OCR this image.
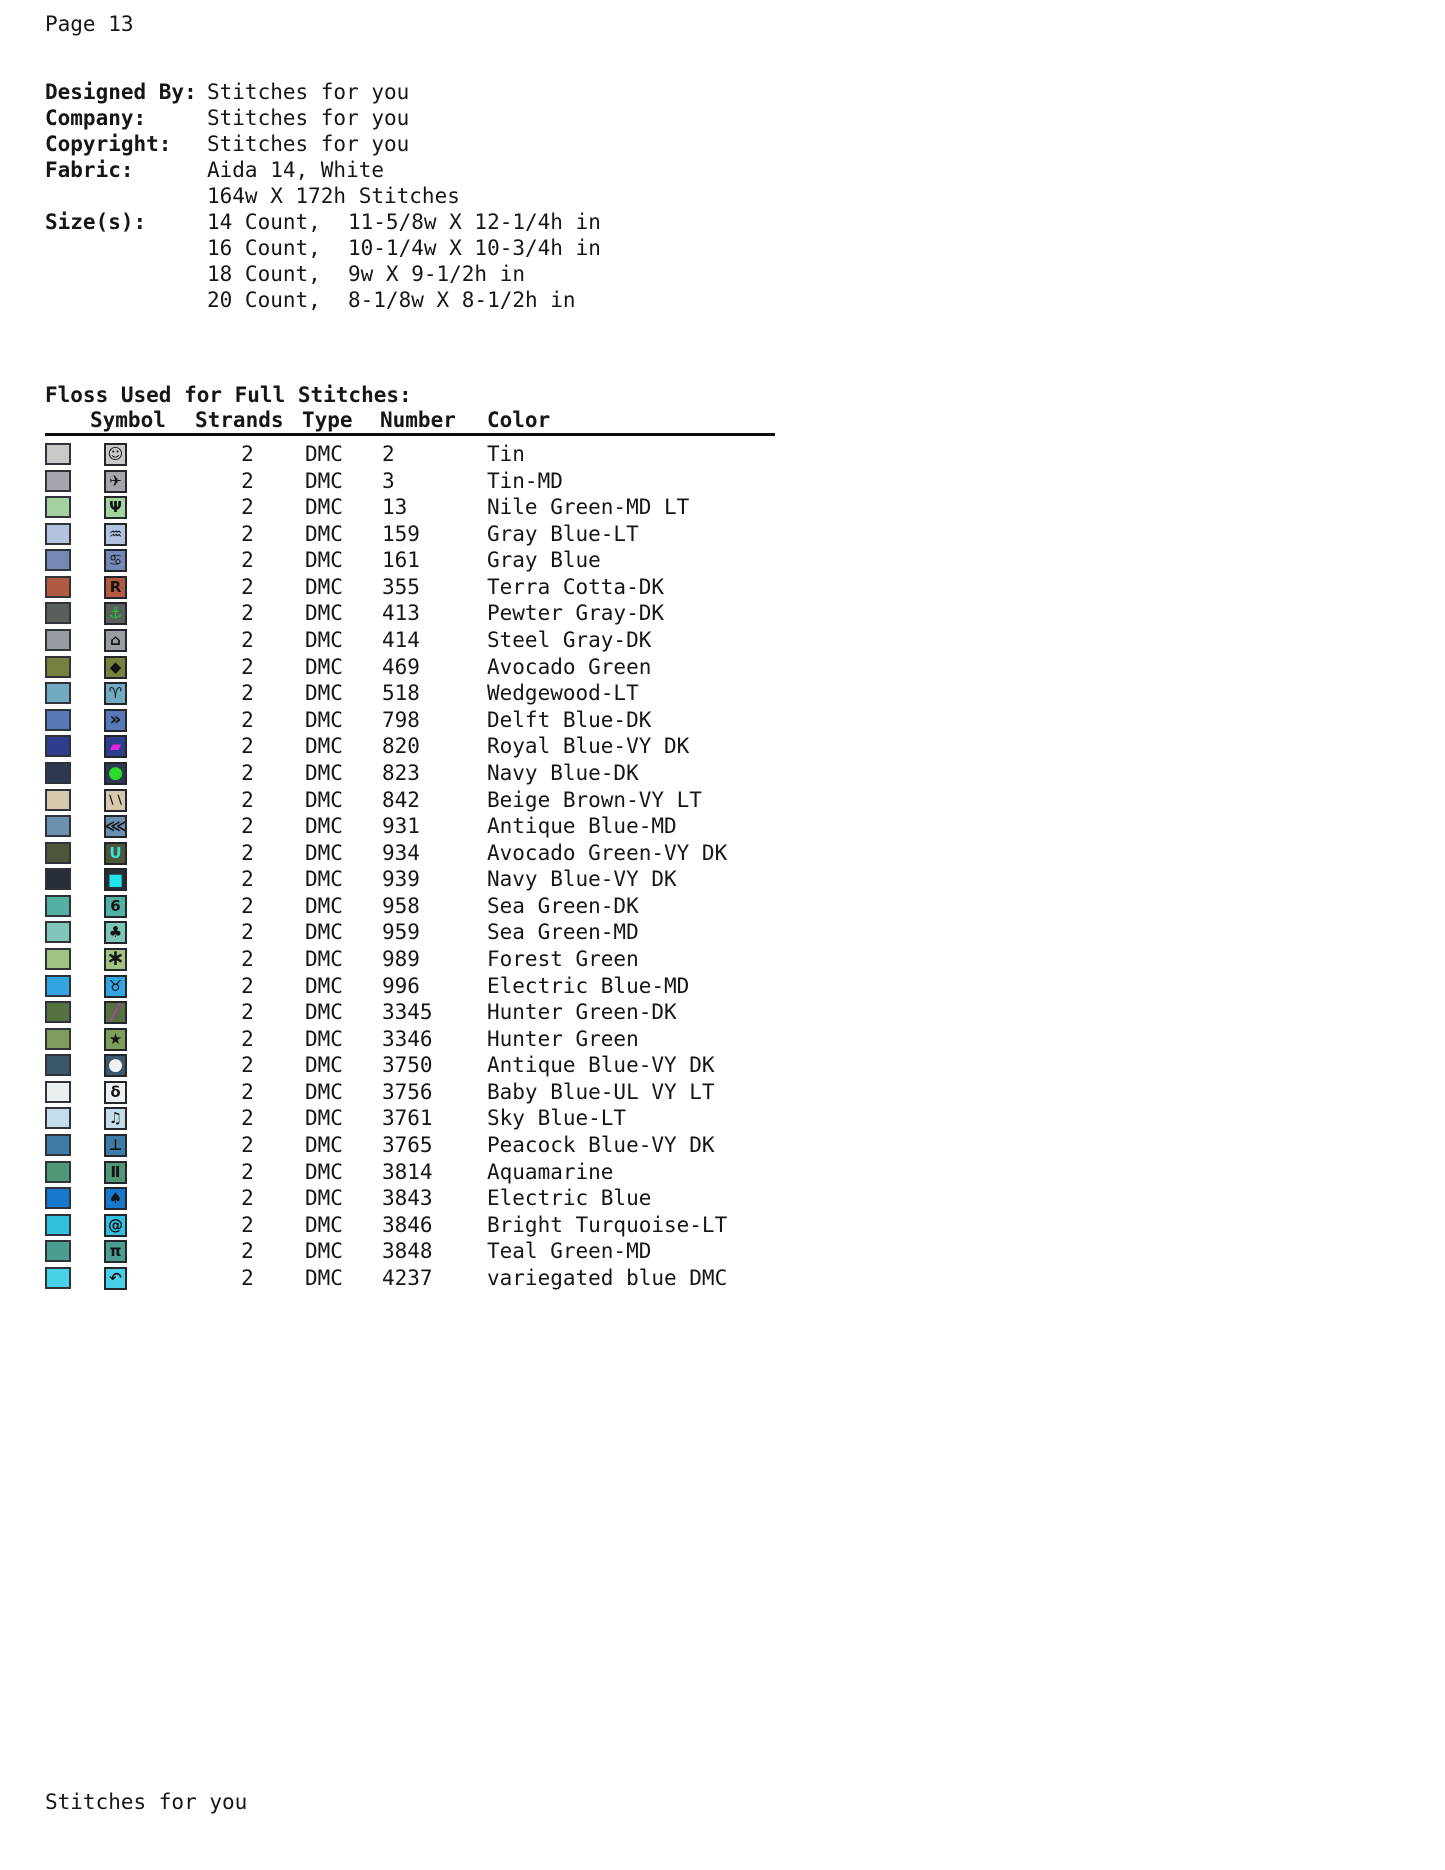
Page 13
Designed By: Stitches for you
Company:	Stitches for you
Copyright: Stitches for you
Fabric:	Aida 14, White
164w X 172h Stitches
Size(s):	14 Count, 11-5/8w X 12-1/4h in
16 Count, 10-1/4w X 10-3/4h in
18 Count, 9w X 9-1/2h in
20 Count, 8-1/8w X 8-1/2h in
Floss Used for Full Stitches:
Symbol Strands Type Number Color
☺	2	DMC 2	Tin
✈	2	DMC 3	Tin-MD
Ψ	2	DMC 13	Nile Green-MD LT
♒	2	DMC 159	Gray Blue-LT
♋	2	DMC 161	Gray Blue
R	2	DMC 355	Terra Cotta-DK
⚓	2	DMC 413	Pewter Gray-DK
⌂	2	DMC 414	Steel Gray-DK
◆	2	DMC 469	Avocado Green
♈	2	DMC 518	Wedgewood-LT
»	2	DMC 798	Delft Blue-DK
▰	2	DMC 820	Royal Blue-VY DK
●	2	DMC 823	Navy Blue-DK
∖∖	2	DMC 842	Beige Brown-VY LT
⋘	2	DMC 931	Antique Blue-MD
U	2	DMC 934	Avocado Green-VY DK
■	2	DMC 939	Navy Blue-VY DK
6	2	DMC 958	Sea Green-DK
♣	2	DMC 959	Sea Green-MD
∗	2	DMC 989	Forest Green
♉	2	DMC 996	Electric Blue-MD
╱	2	DMC 3345	Hunter Green-DK
★	2	DMC 3346	Hunter Green
●	2	DMC 3750	Antique Blue-VY DK
δ	2	DMC 3756	Baby Blue-UL VY LT
♫	2	DMC 3761	Sky Blue-LT
⊥	2	DMC 3765	Peacock Blue-VY DK
Ⅱ	2	DMC 3814	Aquamarine
♠	2	DMC 3843	Electric Blue
@	2	DMC 3846	Bright Turquoise-LT
π	2	DMC 3848	Teal Green-MD
↶	2	DMC 4237	variegated blue DMC
Stitches for you
